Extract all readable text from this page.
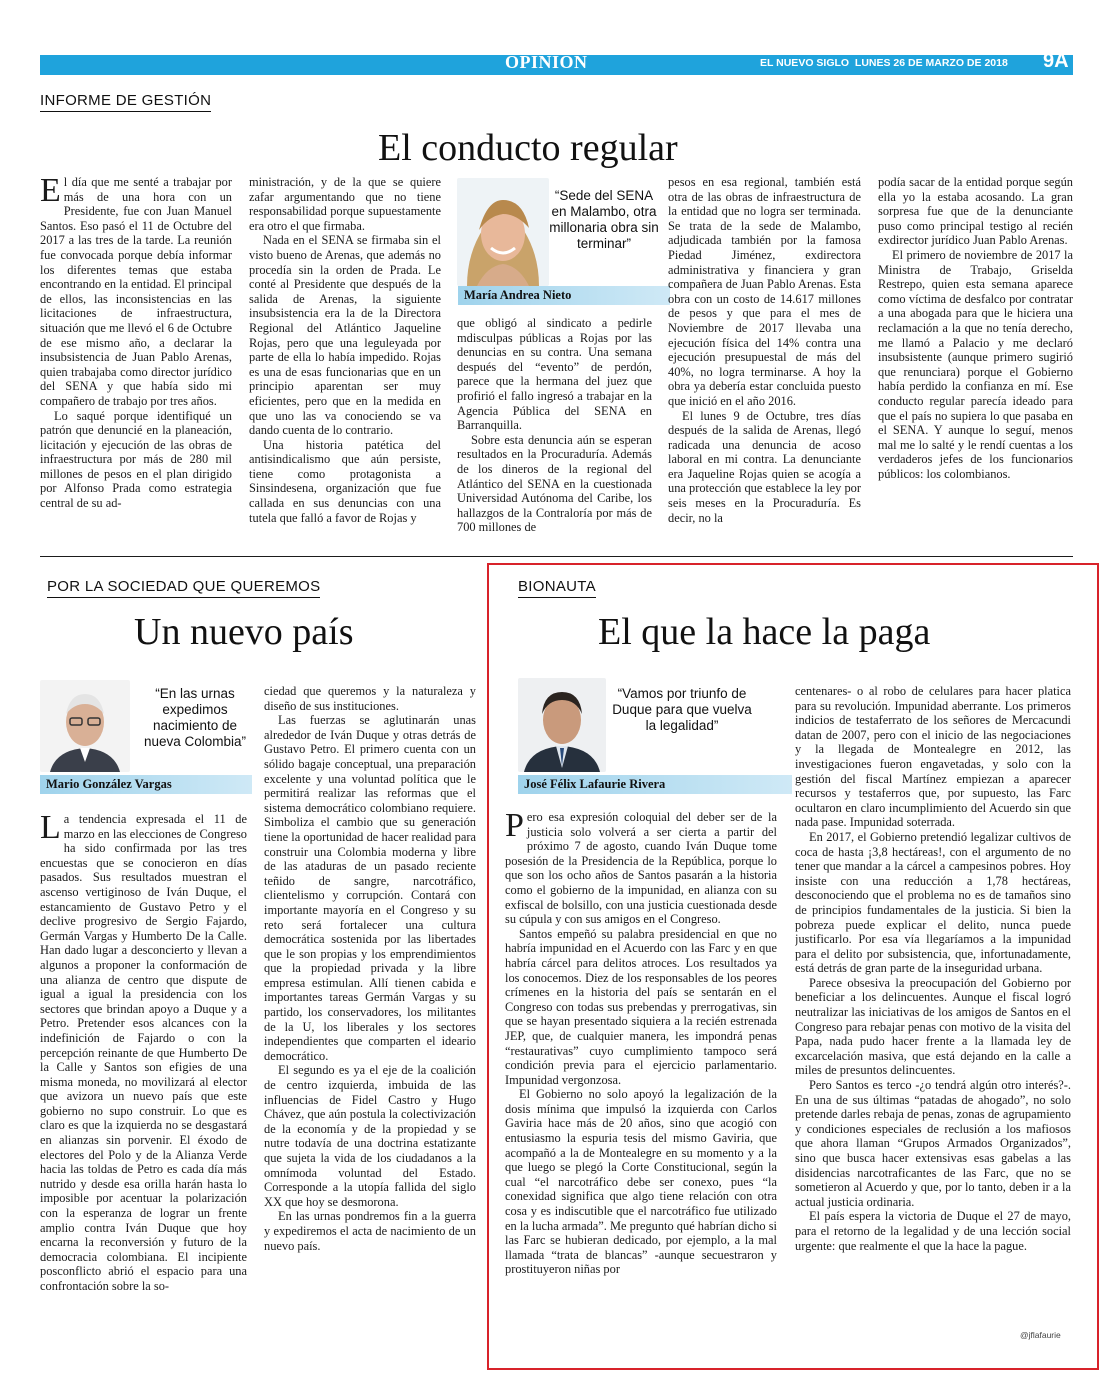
OPINIÓN	EL NUEVO SIGLO LUNES 26 DE MARZO DE 2018 9A
INFORME DE GESTIÓN
El conducto regular

El día que me senté a trabajar por más de una hora con un Presidente, fue con Juan Manuel Santos. Eso pasó el 11 de Octubre del 2017 a las tres de la tarde. La reunión fue convocada porque debía informar los diferentes temas que estaba encontrando en la entidad. El principal de ellos, las inconsistencias en las licitaciones de infraestructura, situación que me llevó el 6 de Octubre de ese mismo año, a declarar la insubsistencia de Juan Pablo Arenas, quien trabajaba como director jurídico del SENA y que había sido mi compañero de trabajo por tres años.

Lo saqué porque identifiqué un patrón que denuncié en la planeación, licitación y ejecución de las obras de infraestructura por más de 280 mil millones de pesos en el plan dirigido por Alfonso Prada como estrategia central de su ad-

ministración, y de la que se quiere zafar argumentando que no tiene responsabilidad porque supuestamente era otro el que firmaba.

Nada en el SENA se firmaba sin el visto bueno de Arenas, que además no procedía sin la orden de Prada. Le conté al Presidente que después de la salida de Arenas, la siguiente insubsistencia era la de la Directora Regional del Atlántico Jaqueline Rojas, pero que una leguleyada por parte de ella lo había impedido. Rojas es una de esas funcionarias que en un principio aparentan ser muy eficientes, pero que en la medida en que uno las va conociendo se va dando cuenta de lo contrario.

Una historia patética del antisindicalismo que aún persiste, tiene como protagonista a Sinsindesena, organización que fue callada en sus denuncias con una tutela que falló a favor de Rojas y

“Sede del SENA en Malambo, otra millonaria obra sin terminar”
María Andrea Nieto

que obligó al sindicato a pedirle mdisculpas públicas a Rojas por las denuncias en su contra. Una semana después del “evento” de perdón, parece que la hermana del juez que profirió el fallo ingresó a trabajar en la Agencia Pública del SENA en Barranquilla.

Sobre esta denuncia aún se esperan resultados en la Procuraduría. Además de los dineros de la regional del Atlántico del SENA en la cuestionada Universidad Autónoma del Caribe, los hallazgos de la Contraloría por más de 700 millones de

pesos en esa regional, también está otra de las obras de infraestructura de la entidad que no logra ser terminada. Se trata de la sede de Malambo, adjudicada también por la famosa Piedad Jiménez, exdirectora administrativa y financiera y gran compañera de Juan Pablo Arenas. Esta obra con un costo de 14.617 millones de pesos y que para el mes de Noviembre de 2017 llevaba una ejecución física del 14% contra una ejecución presupuestal de más del 40%, no logra terminarse. A hoy la obra ya debería estar concluida puesto que inició en el año 2016.

El lunes 9 de Octubre, tres días después de la salida de Arenas, llegó radicada una denuncia de acoso laboral en mi contra. La denunciante era Jaqueline Rojas quien se acogía a una protección que establece la ley por seis meses en la Procuraduría. Es decir, no la

podía sacar de la entidad porque según ella yo la estaba acosando. La gran sorpresa fue que de la denunciante puso como principal testigo al recién exdirector jurídico Juan Pablo Arenas.

El primero de noviembre de 2017 la Ministra de Trabajo, Griselda Restrepo, quien esta semana aparece como víctima de desfalco por contratar a una abogada para que le hiciera una reclamación a la que no tenía derecho, me llamó a Palacio y me declaró insubsistente (aunque primero sugirió que renunciara) porque el Gobierno había perdido la confianza en mí. Ese conducto regular parecía ideado para que el país no supiera lo que pasaba en el SENA. Y aunque lo seguí, menos mal me lo salté y le rendí cuentas a los verdaderos jefes de los funcionarios públicos: los colombianos.

POR LA SOCIEDAD QUE QUEREMOS
Un nuevo país
“En las urnas expedimos nacimiento de nueva Colombia”
Mario González Vargas

La tendencia expresada el 11 de marzo en las elecciones de Congreso ha sido confirmada por las tres encuestas que se conocieron en días pasados. Sus resultados muestran el ascenso vertiginoso de Iván Duque, el estancamiento de Gustavo Petro y el declive progresivo de Sergio Fajardo, Germán Vargas y Humberto De la Calle. Han dado lugar a desconcierto y llevan a algunos a proponer la conformación de una alianza de centro que dispute de igual a igual la presidencia con los sectores que brindan apoyo a Duque y a Petro. Pretender esos alcances con la indefinición de Fajardo o con la percepción reinante de que Humberto De la Calle y Santos son efigies de una misma moneda, no movilizará al elector que avizora un nuevo país que este gobierno no supo construir. Lo que es claro es que la izquierda no se desgastará en alianzas sin porvenir. El éxodo de electores del Polo y de la Alianza Verde hacia las toldas de Petro es cada día más nutrido y desde esa orilla harán hasta lo imposible por acentuar la polarización con la esperanza de lograr un frente amplio contra Iván Duque que hoy encarna la reconversión y futuro de la democracia colombiana. El incipiente posconflicto abrió el espacio para una confrontación sobre la so-

ciedad que queremos y la naturaleza y diseño de sus instituciones.

Las fuerzas se aglutinarán unas alrededor de Iván Duque y otras detrás de Gustavo Petro. El primero cuenta con un sólido bagaje conceptual, una preparación excelente y una voluntad política que le permitirá realizar las reformas que el sistema democrático colombiano requiere. Simboliza el cambio que su generación tiene la oportunidad de hacer realidad para construir una Colombia moderna y libre de las ataduras de un pasado reciente teñido de sangre, narcotráfico, clientelismo y corrupción. Contará con importante mayoría en el Congreso y su reto será fortalecer una cultura democrática sostenida por las libertades que le son propias y los emprendimientos que la propiedad privada y la libre empresa estimulan. Allí tienen cabida e importantes tareas Germán Vargas y su partido, los conservadores, los militantes de la U, los liberales y los sectores independientes que comparten el ideario democrático.

El segundo es ya el eje de la coalición de centro izquierda, imbuida de las influencias de Fidel Castro y Hugo Chávez, que aún postula la colectivización de la economía y de la propiedad y se nutre todavía de una doctrina estatizante que sujeta la vida de los ciudadanos a la omnímoda voluntad del Estado. Corresponde a la utopía fallida del siglo XX que hoy se desmorona.

En las urnas pondremos fin a la guerra y expediremos el acta de nacimiento de un nuevo país.

BIONAUTA
El que la hace la paga
“Vamos por triunfo de Duque para que vuelva la legalidad”
José Félix Lafaurie Rivera

Pero esa expresión coloquial del deber ser de la justicia solo volverá a ser cierta a partir del próximo 7 de agosto, cuando Iván Duque tome posesión de la Presidencia de la República, porque lo que son los ocho años de Santos pasarán a la historia como el gobierno de la impunidad, en alianza con su exfiscal de bolsillo, con una justicia cuestionada desde su cúpula y con sus amigos en el Congreso.

Santos empeñó su palabra presidencial en que no habría impunidad en el Acuerdo con las Farc y en que habría cárcel para delitos atroces. Los resultados ya los conocemos. Diez de los responsables de los peores crímenes en la historia del país se sentarán en el Congreso con todas sus prebendas y prerrogativas, sin que se hayan presentado siquiera a la recién estrenada JEP, que, de cualquier manera, les impondrá penas “restaurativas” cuyo cumplimiento tampoco será condición previa para el ejercicio parlamentario. Impunidad vergonzosa.

El Gobierno no solo apoyó la legalización de la dosis mínima que impulsó la izquierda con Carlos Gaviria hace más de 20 años, sino que acogió con entusiasmo la espuria tesis del mismo Gaviria, que acompañó a la de Montealegre en su momento y a la que luego se plegó la Corte Constitucional, según la cual “el narcotráfico debe ser conexo, pues “la conexidad significa que algo tiene relación con otra cosa y es indiscutible que el narcotráfico fue utilizado en la lucha armada”. Me pregunto qué habrían dicho si las Farc se hubieran dedicado, por ejemplo, a la mal llamada “trata de blancas” -aunque secuestraron y prostituyeron niñas por

centenares- o al robo de celulares para hacer platica para su revolución. Impunidad aberrante. Los primeros indicios de testaferrato de los señores de Mercacundi datan de 2007, pero con el inicio de las negociaciones y la llegada de Montealegre en 2012, las investigaciones fueron engavetadas, y solo con la gestión del fiscal Martínez empiezan a aparecer recursos y testaferros que, por supuesto, las Farc ocultaron en claro incumplimiento del Acuerdo sin que nada pase. Impunidad soterrada.

En 2017, el Gobierno pretendió legalizar cultivos de coca de hasta ¡3,8 hectáreas!, con el argumento de no tener que mandar a la cárcel a campesinos pobres. Hoy insiste con una reducción a 1,78 hectáreas, desconociendo que el problema no es de tamaños sino de principios fundamentales de la justicia. Si bien la pobreza puede explicar el delito, nunca puede justificarlo. Por esa vía llegaríamos a la impunidad para el delito por subsistencia, que, infortunadamente, está detrás de gran parte de la inseguridad urbana.

Parece obsesiva la preocupación del Gobierno por beneficiar a los delincuentes. Aunque el fiscal logró neutralizar las iniciativas de los amigos de Santos en el Congreso para rebajar penas con motivo de la visita del Papa, nada pudo hacer frente a la llamada ley de excarcelación masiva, que está dejando en la calle a miles de presuntos delincuentes.

Pero Santos es terco -¿o tendrá algún otro interés?-. En una de sus últimas “patadas de ahogado”, no solo pretende darles rebaja de penas, zonas de agrupamiento y condiciones especiales de reclusión a los mafiosos que ahora llaman “Grupos Armados Organizados”, sino que busca hacer extensivas esas gabelas a las disidencias narcotraficantes de las Farc, que no se sometieron al Acuerdo y que, por lo tanto, deben ir a la actual justicia ordinaria.

El país espera la victoria de Duque el 27 de mayo, para el retorno de la legalidad y de una lección social urgente: que realmente el que la hace la pague.

@jflafaurie
